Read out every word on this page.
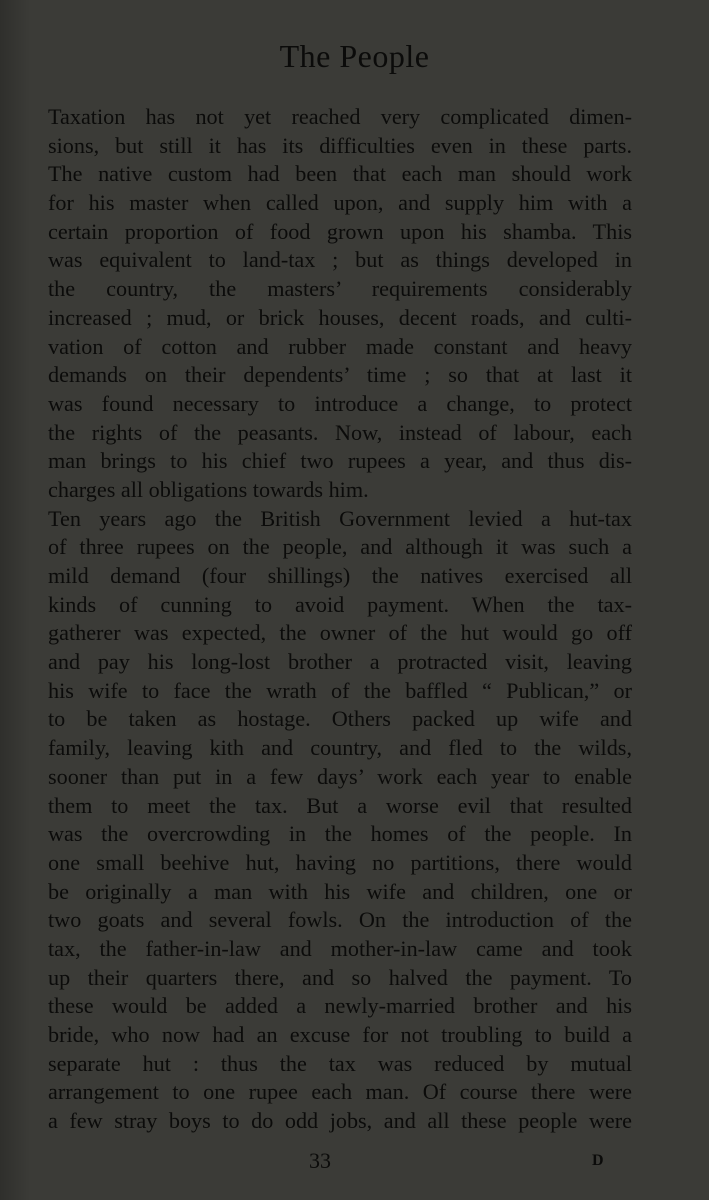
The People
Taxation has not yet reached very complicated dimen-
sions, but still it has its difficulties even in these parts.
The native custom had been that each man should work
for his master when called upon, and supply him with a
certain proportion of food grown upon his shamba. This
was equivalent to land-tax ; but as things developed in
the country, the masters’ requirements considerably
increased ; mud, or brick houses, decent roads, and culti-
vation of cotton and rubber made constant and heavy
demands on their dependents’ time ; so that at last it
was found necessary to introduce a change, to protect
the rights of the peasants. Now, instead of labour, each
man brings to his chief two rupees a year, and thus dis-
charges all obligations towards him.
Ten years ago the British Government levied a hut-tax
of three rupees on the people, and although it was such a
mild demand (four shillings) the natives exercised all
kinds of cunning to avoid payment. When the tax-
gatherer was expected, the owner of the hut would go off
and pay his long-lost brother a protracted visit, leaving
his wife to face the wrath of the baffled “ Publican,” or
to be taken as hostage. Others packed up wife and
family, leaving kith and country, and fled to the wilds,
sooner than put in a few days’ work each year to enable
them to meet the tax. But a worse evil that resulted
was the overcrowding in the homes of the people. In
one small beehive hut, having no partitions, there would
be originally a man with his wife and children, one or
two goats and several fowls. On the introduction of the
tax, the father-in-law and mother-in-law came and took
up their quarters there, and so halved the payment. To
these would be added a newly-married brother and his
bride, who now had an excuse for not troubling to build a
separate hut : thus the tax was reduced by mutual
arrangement to one rupee each man. Of course there were
a few stray boys to do odd jobs, and all these people were
33	D
